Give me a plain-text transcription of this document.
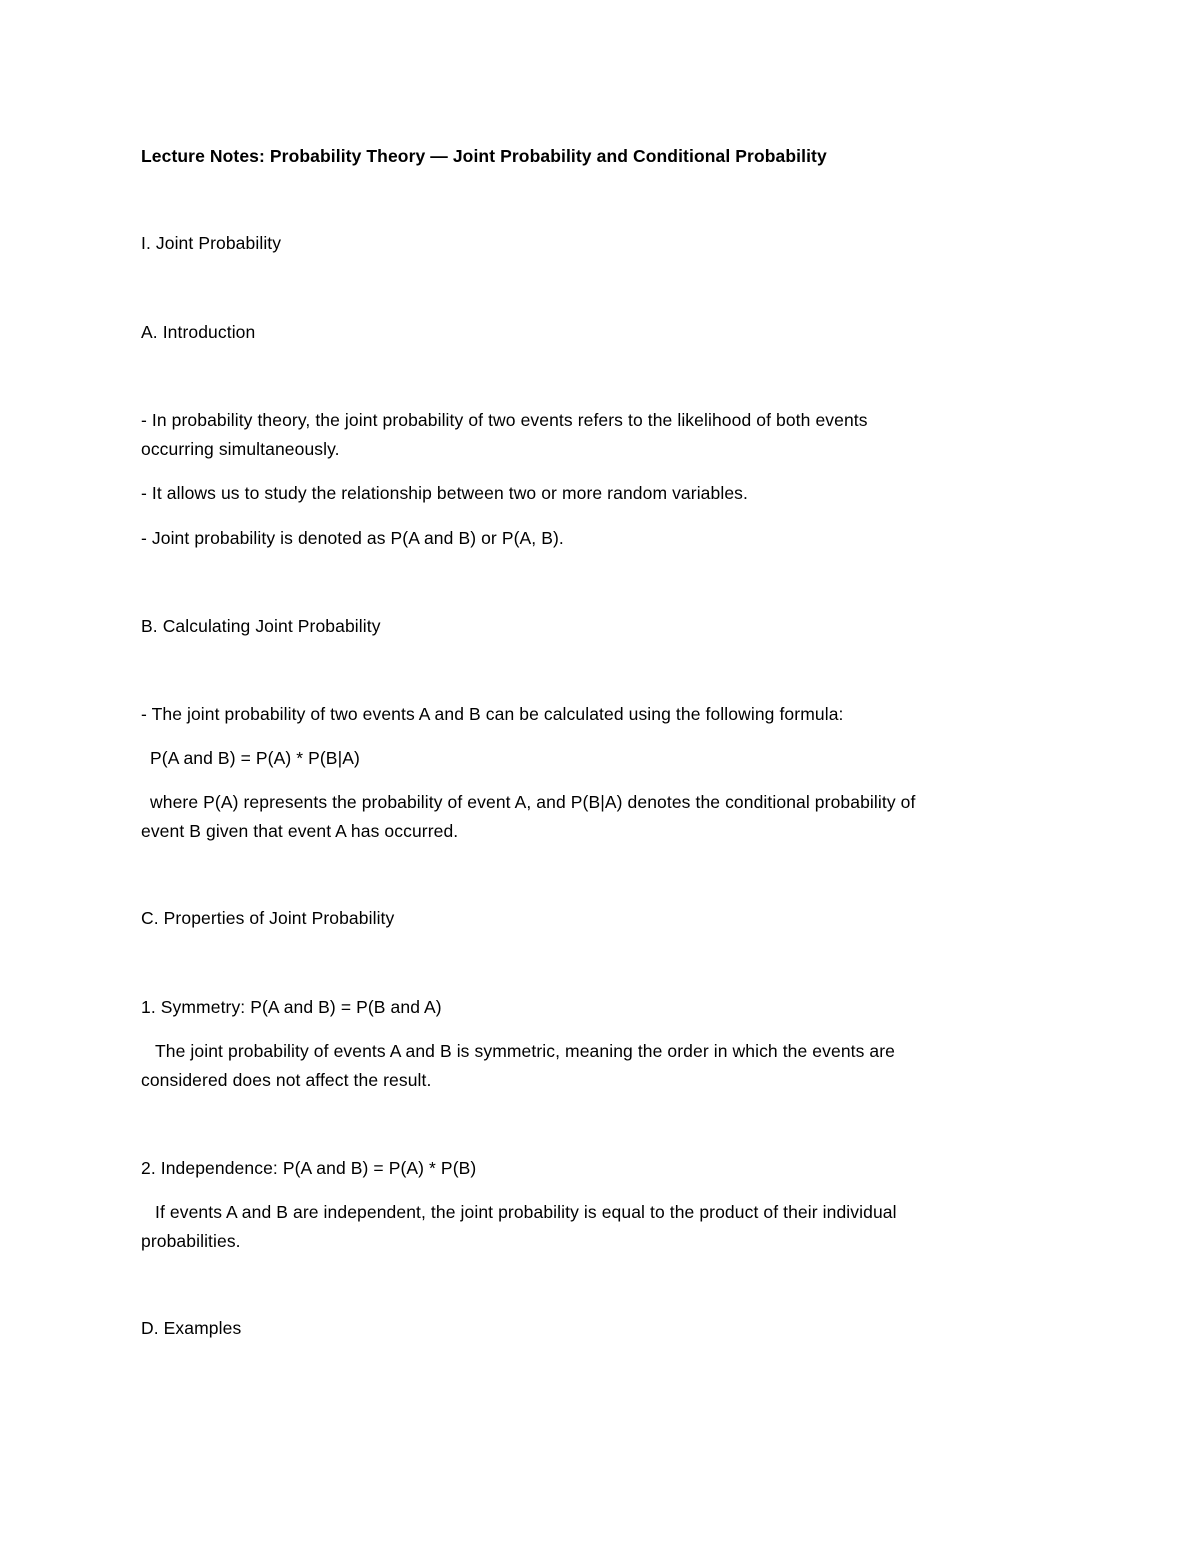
Lecture Notes: Probability Theory — Joint Probability and Conditional Probability
I. Joint Probability
A. Introduction
- In probability theory, the joint probability of two events refers to the likelihood of both events
occurring simultaneously.
- It allows us to study the relationship between two or more random variables.
- Joint probability is denoted as P(A and B) or P(A, B).
B. Calculating Joint Probability
- The joint probability of two events A and B can be calculated using the following formula:
P(A and B) = P(A) * P(B|A)
where P(A) represents the probability of event A, and P(B|A) denotes the conditional probability of
event B given that event A has occurred.
C. Properties of Joint Probability
1. Symmetry: P(A and B) = P(B and A)
The joint probability of events A and B is symmetric, meaning the order in which the events are
considered does not affect the result.
2. Independence: P(A and B) = P(A) * P(B)
If events A and B are independent, the joint probability is equal to the product of their individual
probabilities.
D. Examples
